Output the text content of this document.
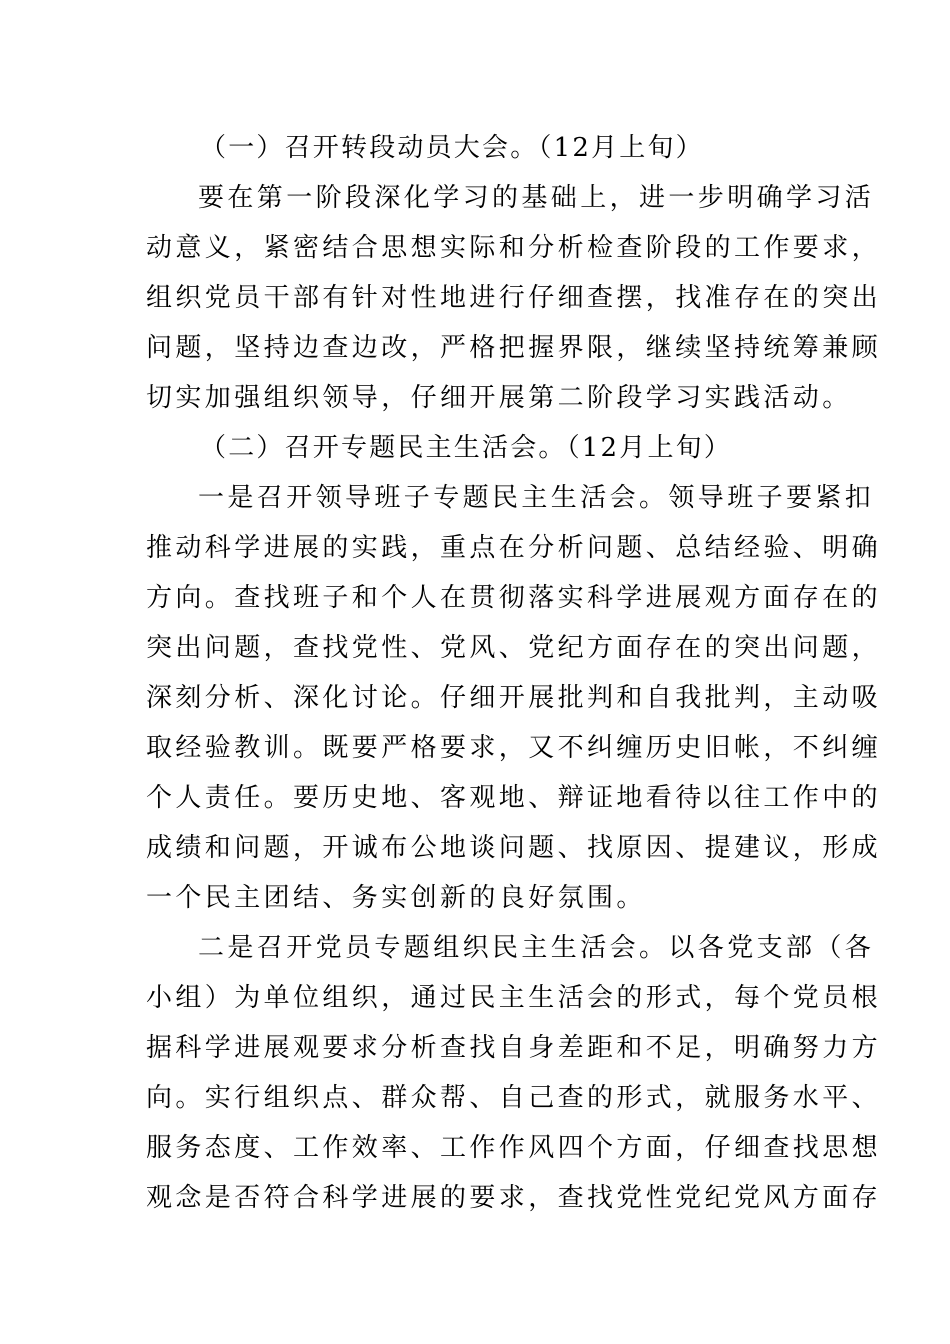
（一）召开转段动员大会。（12月上旬）
要在第一阶段深化学习的基础上，进一步明确学习活
动意义，紧密结合思想实际和分析检查阶段的工作要求，
组织党员干部有针对性地进行仔细查摆，找准存在的突出
问题，坚持边查边改，严格把握界限，继续坚持统筹兼顾
切实加强组织领导，仔细开展第二阶段学习实践活动。
（二）召开专题民主生活会。（12月上旬）
一是召开领导班子专题民主生活会。领导班子要紧扣
推动科学进展的实践，重点在分析问题、总结经验、明确
方向。查找班子和个人在贯彻落实科学进展观方面存在的
突出问题，查找党性、党风、党纪方面存在的突出问题，
深刻分析、深化讨论。仔细开展批判和自我批判，主动吸
取经验教训。既要严格要求，又不纠缠历史旧帐，不纠缠
个人责任。要历史地、客观地、辩证地看待以往工作中的
成绩和问题，开诚布公地谈问题、找原因、提建议，形成
一个民主团结、务实创新的良好氛围。
二是召开党员专题组织民主生活会。以各党支部（各
小组）为单位组织，通过民主生活会的形式，每个党员根
据科学进展观要求分析查找自身差距和不足，明确努力方
向。实行组织点、群众帮、自己查的形式，就服务水平、
服务态度、工作效率、工作作风四个方面，仔细查找思想
观念是否符合科学进展的要求，查找党性党纪党风方面存
